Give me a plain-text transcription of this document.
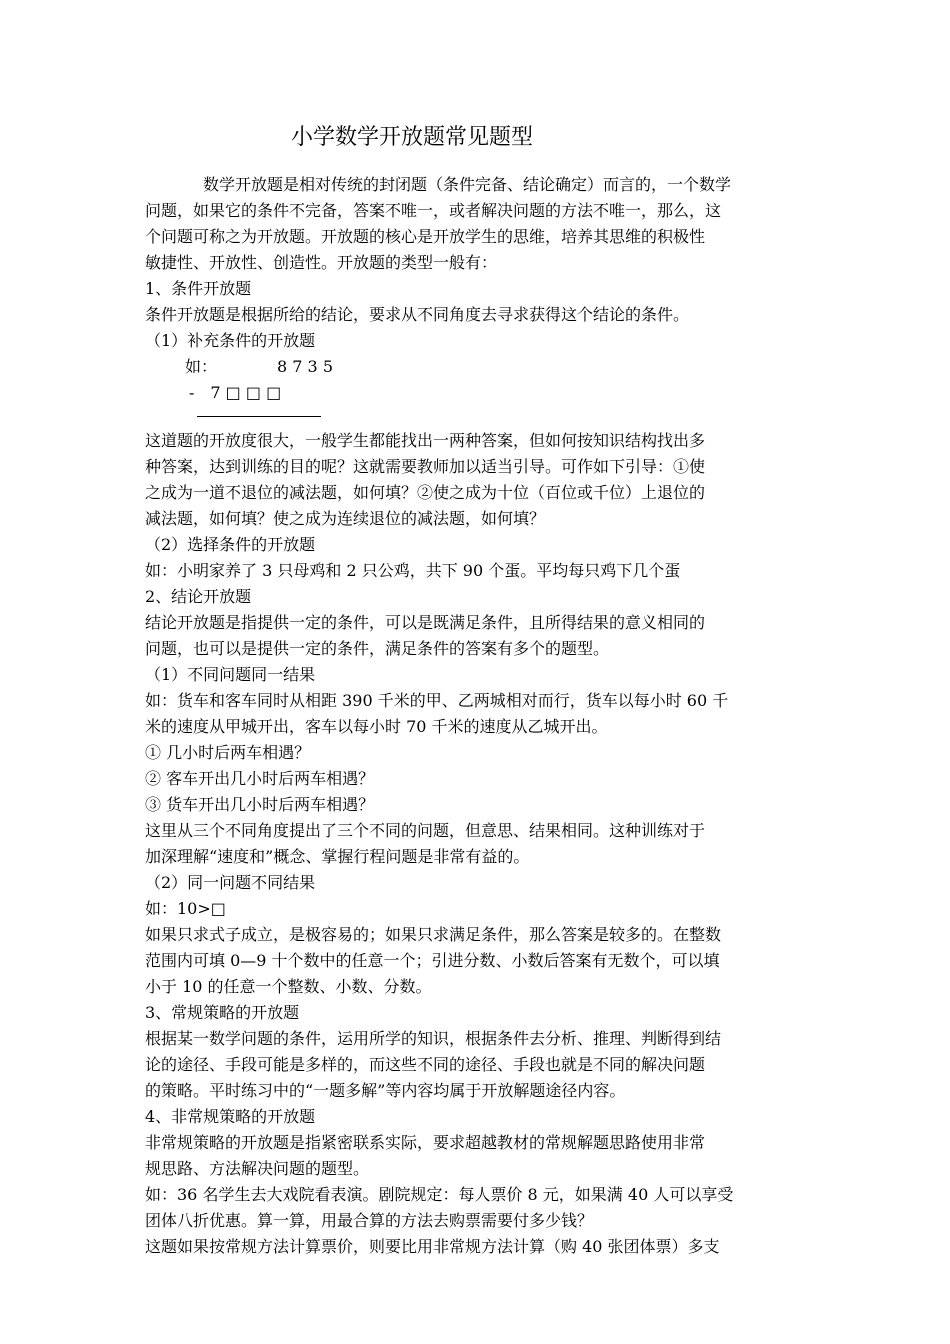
小学数学开放题常见题型
数学开放题是相对传统的封闭题（条件完备、结论确定）而言的，一个数学
问题，如果它的条件不完备，答案不唯一，或者解决问题的方法不唯一，那么，这
个问题可称之为开放题。开放题的核心是开放学生的思维，培养其思维的积极性
敏捷性、开放性、创造性。开放题的类型一般有：
1、条件开放题
条件开放题是根据所给的结论，要求从不同角度去寻求获得这个结论的条件。
（1）补充条件的开放题
如：	8 7 3 5
- 7 □ □ □
这道题的开放度很大，一般学生都能找出一两种答案，但如何按知识结构找出多
种答案，达到训练的目的呢？这就需要教师加以适当引导。可作如下引导：①使
之成为一道不退位的减法题，如何填？②使之成为十位（百位或千位）上退位的
减法题，如何填？使之成为连续退位的减法题，如何填？
（2）选择条件的开放题
如：小明家养了 3 只母鸡和 2 只公鸡，共下 90 个蛋。平均每只鸡下几个蛋
2、结论开放题
结论开放题是指提供一定的条件，可以是既满足条件，且所得结果的意义相同的
问题，也可以是提供一定的条件，满足条件的答案有多个的题型。
（1）不同问题同一结果
如：货车和客车同时从相距 390 千米的甲、乙两城相对而行，货车以每小时 60 千
米的速度从甲城开出，客车以每小时 70 千米的速度从乙城开出。
① 几小时后两车相遇？
② 客车开出几小时后两车相遇？
③ 货车开出几小时后两车相遇？
这里从三个不同角度提出了三个不同的问题，但意思、结果相同。这种训练对于
加深理解“速度和”概念、掌握行程问题是非常有益的。
（2）同一问题不同结果
如：10>□
如果只求式子成立，是极容易的；如果只求满足条件，那么答案是较多的。在整数
范围内可填 0—9 十个数中的任意一个；引进分数、小数后答案有无数个，可以填
小于 10 的任意一个整数、小数、分数。
3、常规策略的开放题
根据某一数学问题的条件，运用所学的知识，根据条件去分析、推理、判断得到结
论的途径、手段可能是多样的，而这些不同的途径、手段也就是不同的解决问题
的策略。平时练习中的“一题多解”等内容均属于开放解题途径内容。
4、非常规策略的开放题
非常规策略的开放题是指紧密联系实际，要求超越教材的常规解题思路使用非常
规思路、方法解决问题的题型。
如：36 名学生去大戏院看表演。剧院规定：每人票价 8 元，如果满 40 人可以享受
团体八折优惠。算一算，用最合算的方法去购票需要付多少钱？
这题如果按常规方法计算票价，则要比用非常规方法计算（购 40 张团体票）多支
